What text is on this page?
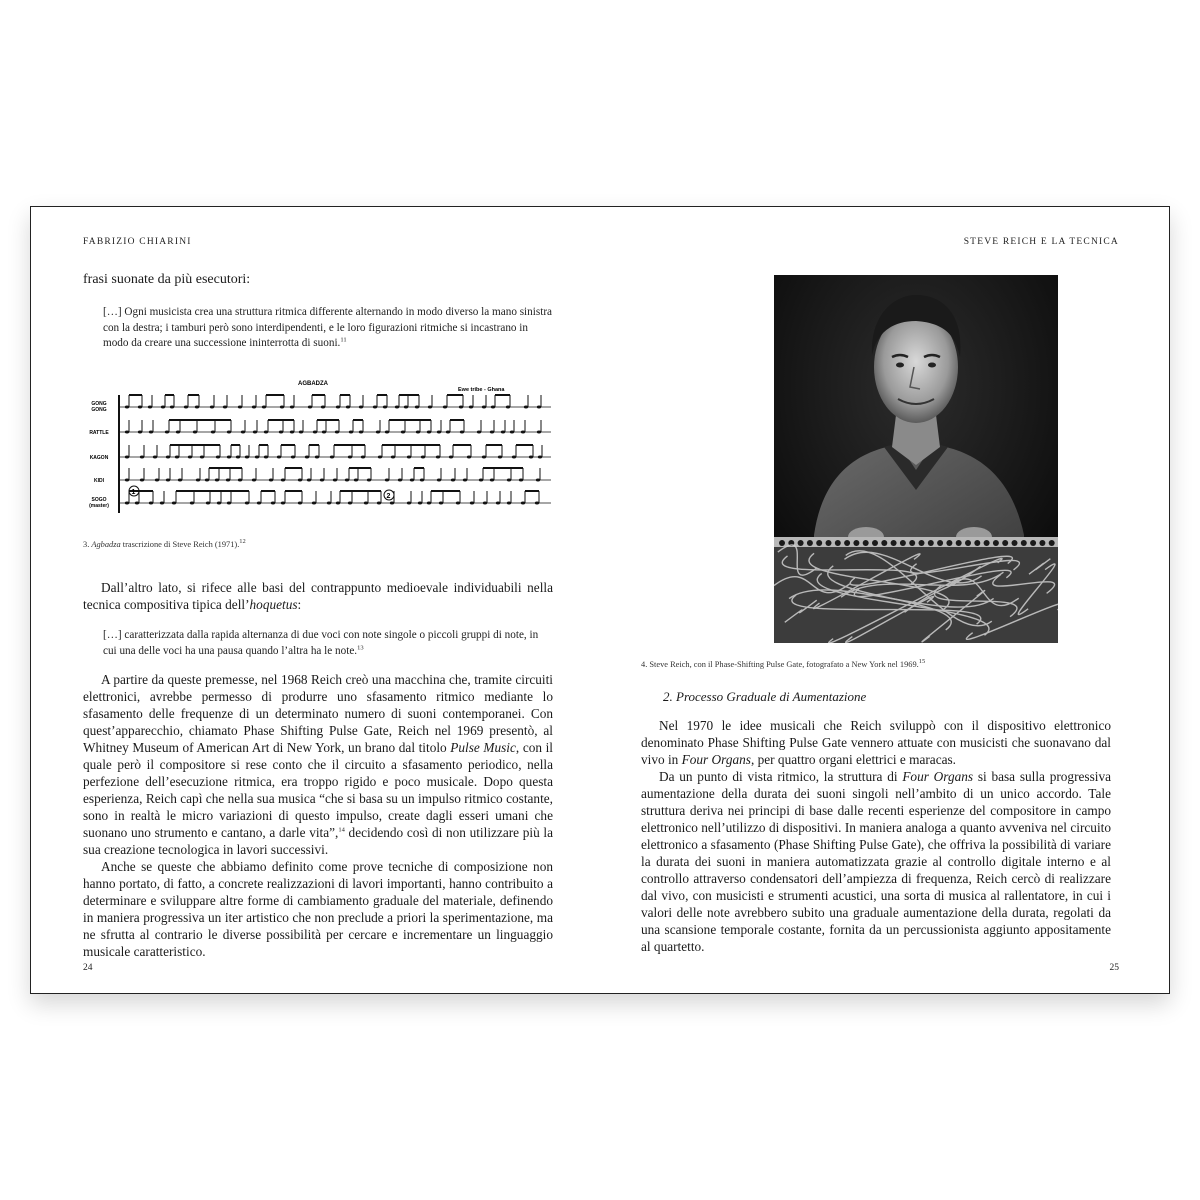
FABRIZIO CHIARINI

frasi suonate da più esecutori:

[…] Ogni musicista crea una struttura ritmica differente alternando in modo diverso la mano sinistra con la destra; i tamburi però sono interdipendenti, e le loro figurazioni ritmiche si incastrano in modo da creare una successione ininterrotta di suoni.$^{11}$

AGBADZA
Ewe tribe - Ghana
GONG GONG
RATTLE
KAGON
KIDI
SOGO (master)
1
2

3. Agbadza trascrizione di Steve Reich (1971).$^{12}$

Dall’altro lato, si rifece alle basi del contrappunto medioevale individuabili nella tecnica compositiva tipica dell’hoquetus:

[…] caratterizzata dalla rapida alternanza di due voci con note singole o piccoli gruppi di note, in cui una delle voci ha una pausa quando l’altra ha le note.$^{13}$

A partire da queste premesse, nel 1968 Reich creò una macchina che, tramite circuiti elettronici, avrebbe permesso di produrre uno sfasamento ritmico mediante lo sfasamento delle frequenze di un determinato numero di suoni contemporanei. Con quest’apparecchio, chiamato Phase Shifting Pulse Gate, Reich nel 1969 presentò, al Whitney Museum of American Art di New York, un brano dal titolo Pulse Music, con il quale però il compositore si rese conto che il circuito a sfasamento periodico, nella perfezione dell’esecuzione ritmica, era troppo rigido e poco musicale. Dopo questa esperienza, Reich capì che nella sua musica “che si basa su un impulso ritmico costante, sono in realtà le micro variazioni di questo impulso, create dagli esseri umani che suonano uno strumento e cantano, a darle vita”,$^{14}$ decidendo così di non utilizzare più la sua creazione tecnologica in lavori successivi.

Anche se queste che abbiamo definito come prove tecniche di composizione non hanno portato, di fatto, a concrete realizzazioni di lavori importanti, hanno contribuito a determinare e sviluppare altre forme di cambiamento graduale del materiale, definendo in maniera progressiva un iter artistico che non preclude a priori la sperimentazione, ma ne sfrutta al contrario le diverse possibilità per cercare e incrementare un linguaggio musicale caratteristico.

24
STEVE REICH E LA TECNICA

4. Steve Reich, con il Phase-Shifting Pulse Gate, fotografato a New York nel 1969.15

2. Processo Graduale di Aumentazione

Nel 1970 le idee musicali che Reich sviluppò con il dispositivo elettronico denominato Phase Shifting Pulse Gate vennero attuate con musicisti che suonavano dal vivo in Four Organs, per quattro organi elettrici e maracas.

Da un punto di vista ritmico, la struttura di Four Organs si basa sulla progressiva aumentazione della durata dei suoni singoli nell’ambito di un unico accordo. Tale struttura deriva nei principi di base dalle recenti esperienze del compositore in campo elettronico nell’utilizzo di dispositivi. In maniera analoga a quanto avveniva nel circuito elettronico a sfasamento (Phase Shifting Pulse Gate), che offriva la possibilità di variare la durata dei suoni in maniera automatizzata grazie al controllo digitale interno e al controllo attraverso condensatori dell’ampiezza di frequenza, Reich cercò di realizzare dal vivo, con musicisti e strumenti acustici, una sorta di musica al rallentatore, in cui i valori delle note avrebbero subito una graduale aumentazione della durata, regolati da una scansione temporale costante, fornita da un percussionista aggiunto appositamente al quartetto.

25
